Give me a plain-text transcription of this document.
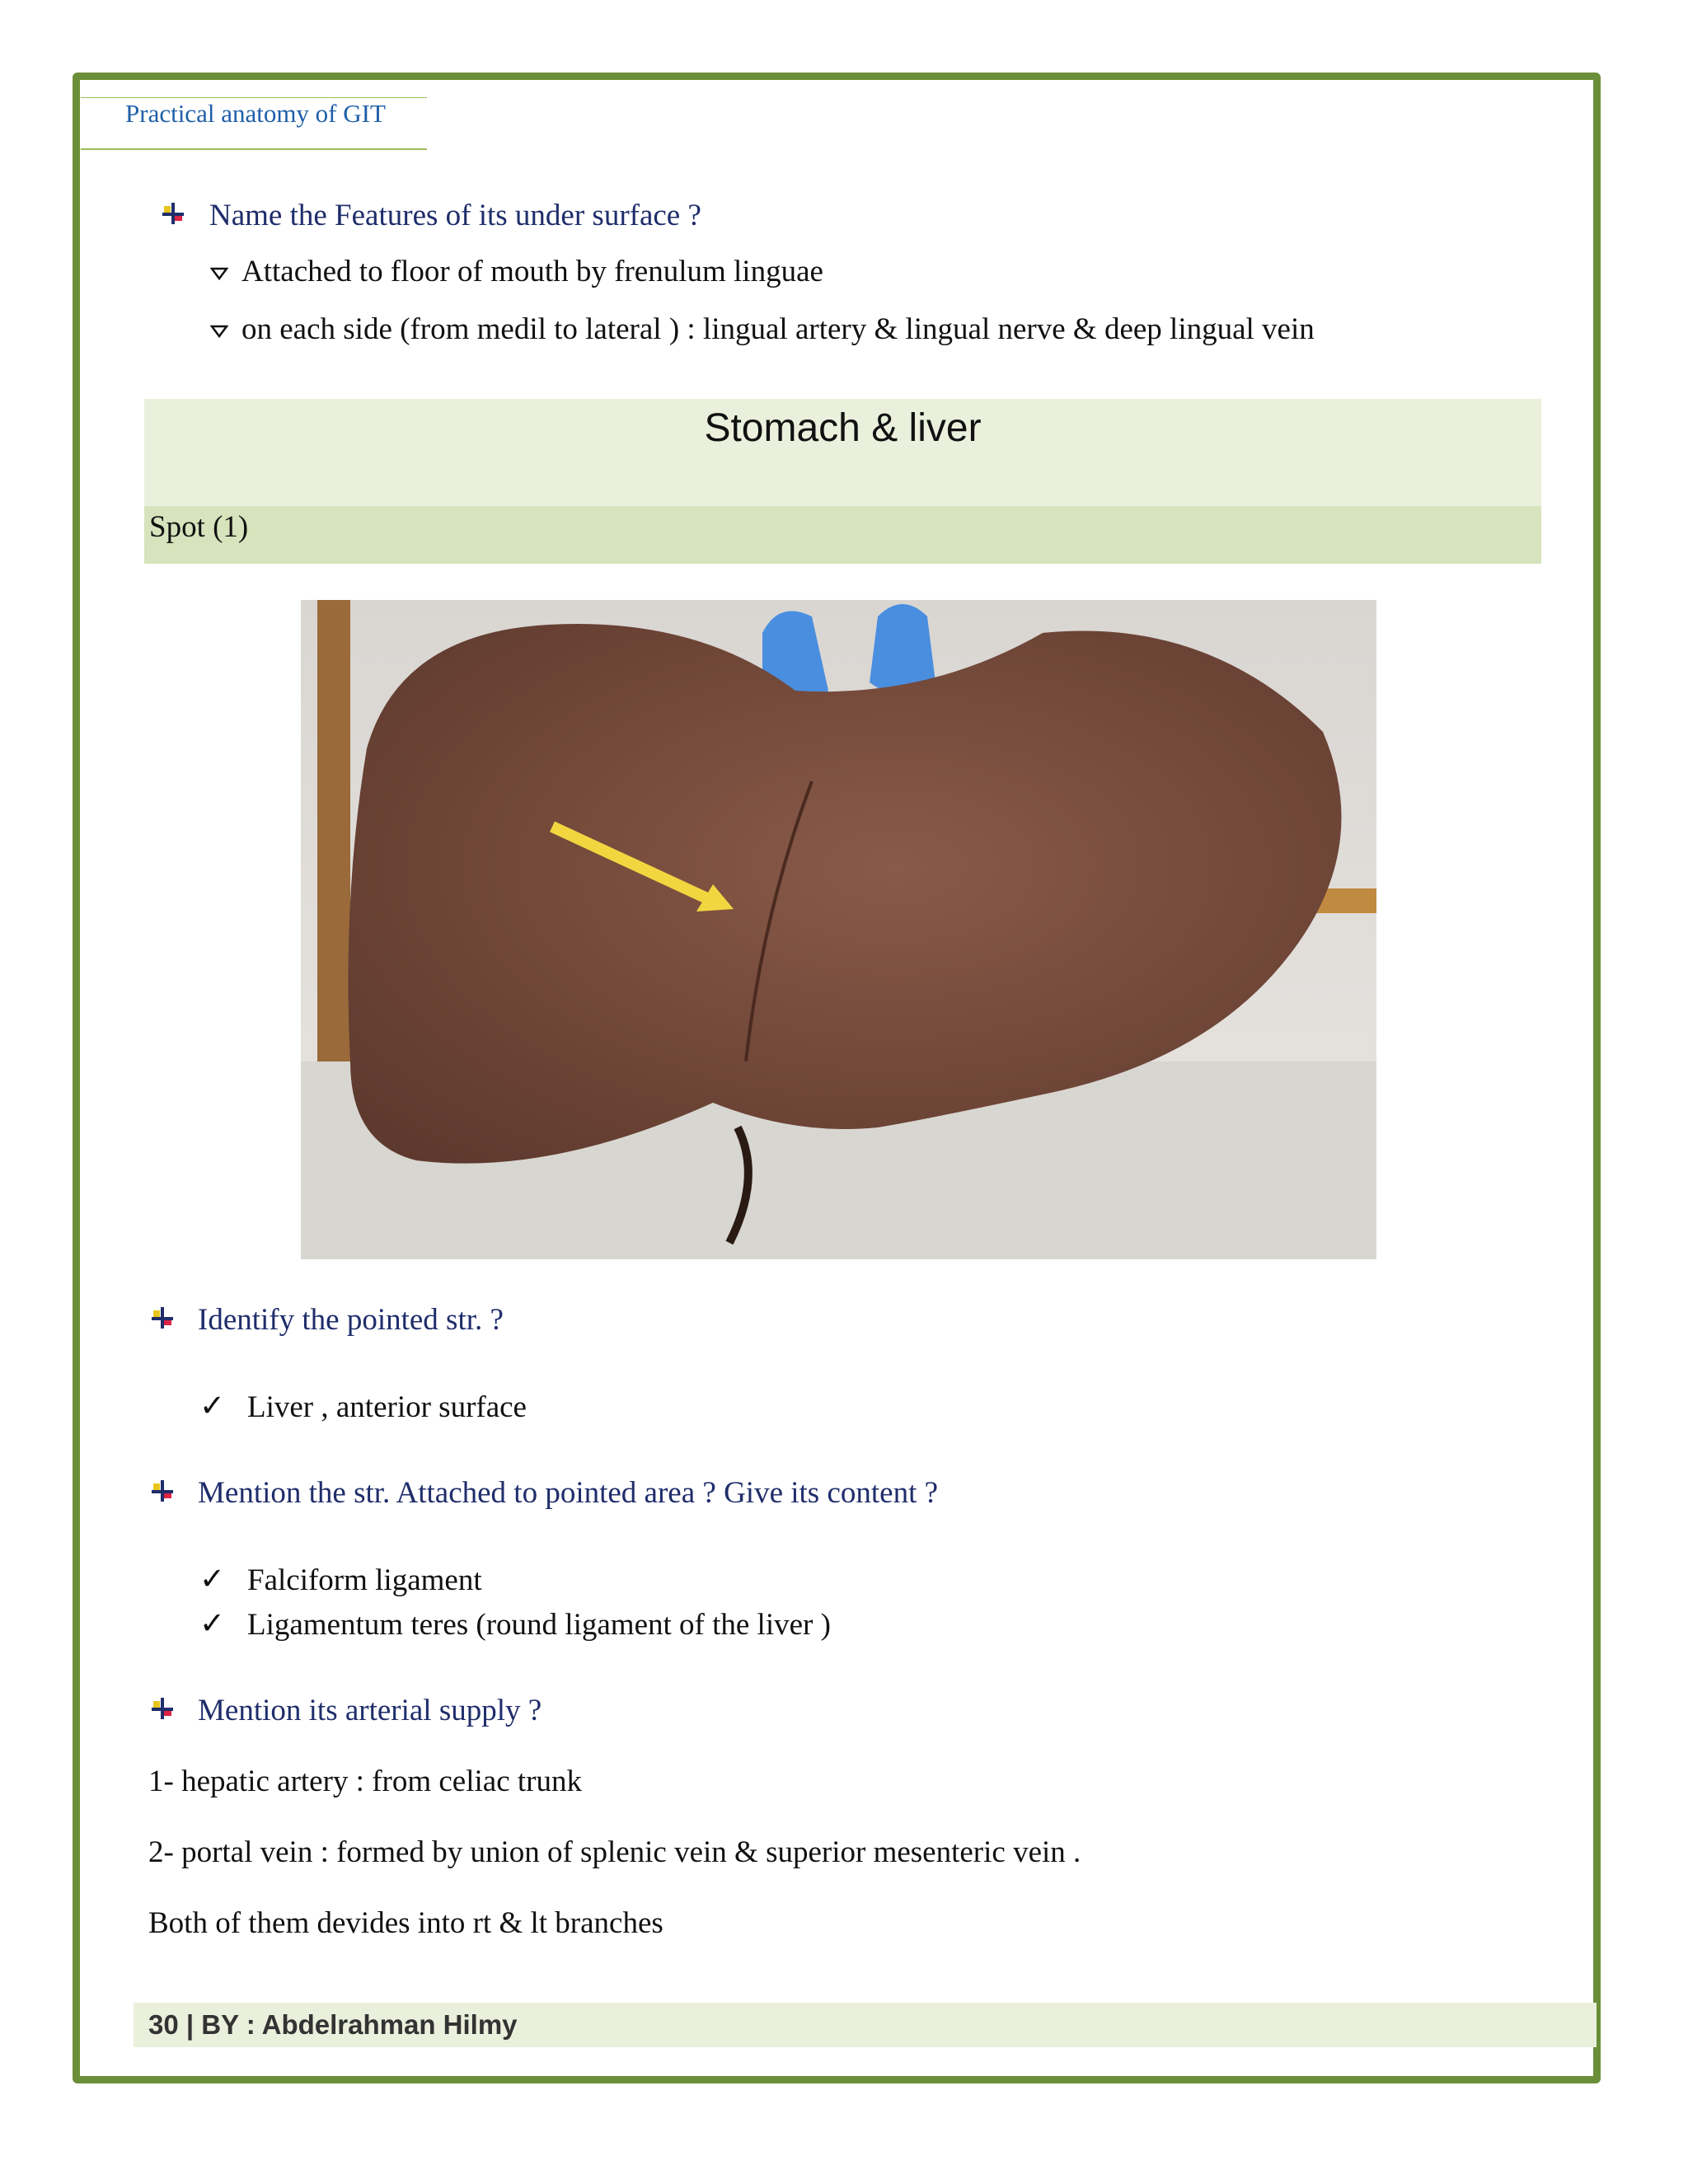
Practical anatomy of GIT
Name the Features of its under surface ?
Attached to floor of mouth by frenulum linguae
on each side (from medil to lateral ) : lingual artery & lingual nerve & deep lingual vein
Stomach & liver
Spot (1)
Identify the pointed str. ?
✓ Liver , anterior surface
Mention the str. Attached to pointed area ? Give its content ?
✓ Falciform ligament
✓ Ligamentum teres (round ligament of the liver )
Mention its arterial supply ?
1- hepatic artery : from celiac trunk
2- portal vein : formed by union of splenic vein & superior mesenteric vein .
Both of them devides into rt & lt branches
30 | BY : Abdelrahman Hilmy
